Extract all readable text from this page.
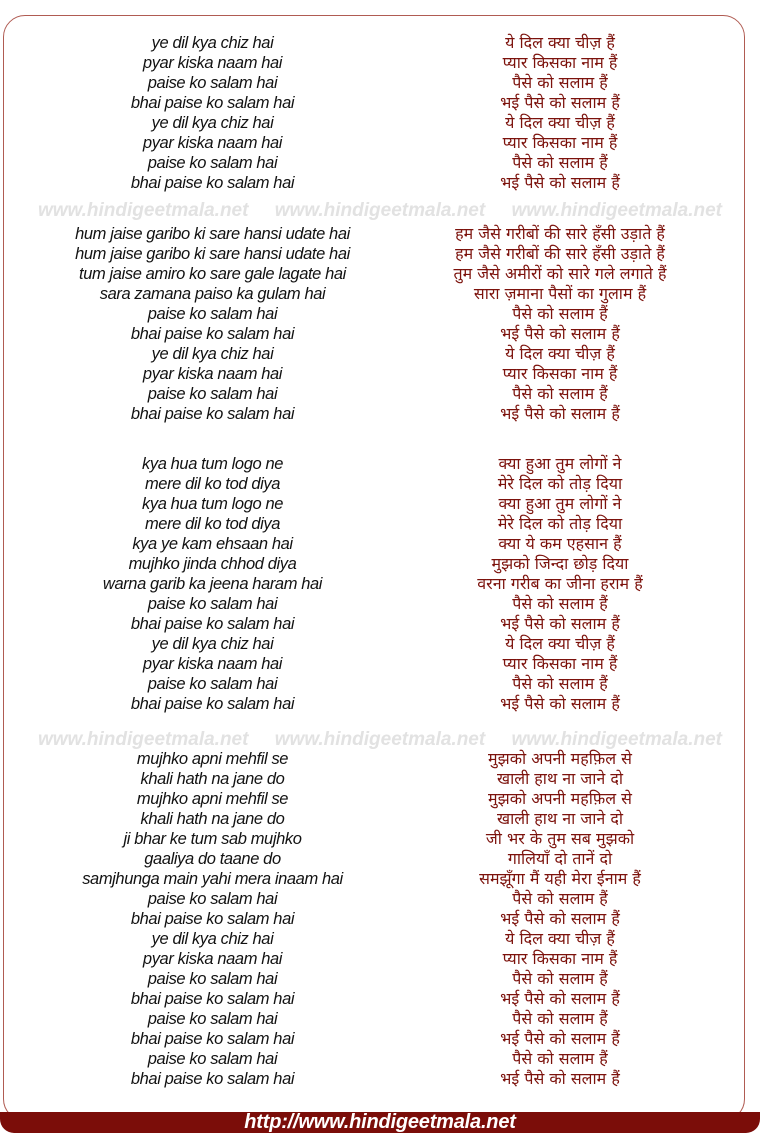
ye dil kya chiz hai
pyar kiska naam hai
paise ko salam hai
bhai paise ko salam hai
ye dil kya chiz hai
pyar kiska naam hai
paise ko salam hai
bhai paise ko salam hai
ये दिल क्या चीज़ हैं
प्यार किसका नाम हैं
पैसे को सलाम हैं
भई पैसे को सलाम हैं
ये दिल क्या चीज़ हैं
प्यार किसका नाम हैं
पैसे को सलाम हैं
भई पैसे को सलाम हैं
www.hindigeetmala.net www.hindigeetmala.net www.hindigeetmala.net
hum jaise garibo ki sare hansi udate hai
hum jaise garibo ki sare hansi udate hai
tum jaise amiro ko sare gale lagate hai
sara zamana paiso ka gulam hai
paise ko salam hai
bhai paise ko salam hai
ye dil kya chiz hai
pyar kiska naam hai
paise ko salam hai
bhai paise ko salam hai
हम जैसे गरीबों की सारे हँसी उड़ाते हैं
हम जैसे गरीबों की सारे हँसी उड़ाते हैं
तुम जैसे अमीरों को सारे गले लगाते हैं
सारा ज़माना पैसों का गुलाम हैं
पैसे को सलाम हैं
भई पैसे को सलाम हैं
ये दिल क्या चीज़ हैं
प्यार किसका नाम हैं
पैसे को सलाम हैं
भई पैसे को सलाम हैं
kya hua tum logo ne
mere dil ko tod diya
kya hua tum logo ne
mere dil ko tod diya
kya ye kam ehsaan hai
mujhko jinda chhod diya
warna garib ka jeena haram hai
paise ko salam hai
bhai paise ko salam hai
ye dil kya chiz hai
pyar kiska naam hai
paise ko salam hai
bhai paise ko salam hai
क्या हुआ तुम लोगों ने
मेरे दिल को तोड़ दिया
क्या हुआ तुम लोगों ने
मेरे दिल को तोड़ दिया
क्या ये कम एहसान हैं
मुझको जिन्दा छोड़ दिया
वरना गरीब का जीना हराम हैं
पैसे को सलाम हैं
भई पैसे को सलाम हैं
ये दिल क्या चीज़ हैं
प्यार किसका नाम हैं
पैसे को सलाम हैं
भई पैसे को सलाम हैं
www.hindigeetmala.net www.hindigeetmala.net www.hindigeetmala.net
mujhko apni mehfil se
khali hath na jane do
mujhko apni mehfil se
khali hath na jane do
ji bhar ke tum sab mujhko
gaaliya do taane do
samjhunga main yahi mera inaam hai
paise ko salam hai
bhai paise ko salam hai
ye dil kya chiz hai
pyar kiska naam hai
paise ko salam hai
bhai paise ko salam hai
paise ko salam hai
bhai paise ko salam hai
paise ko salam hai
bhai paise ko salam hai
मुझको अपनी महफ़िल से
खाली हाथ ना जाने दो
मुझको अपनी महफ़िल से
खाली हाथ ना जाने दो
जी भर के तुम सब मुझको
गालियाँ दो तानें दो
समझूँगा मैं यही मेरा ईनाम हैं
पैसे को सलाम हैं
भई पैसे को सलाम हैं
ये दिल क्या चीज़ हैं
प्यार किसका नाम हैं
पैसे को सलाम हैं
भई पैसे को सलाम हैं
पैसे को सलाम हैं
भई पैसे को सलाम हैं
पैसे को सलाम हैं
भई पैसे को सलाम हैं
http://www.hindigeetmala.net
